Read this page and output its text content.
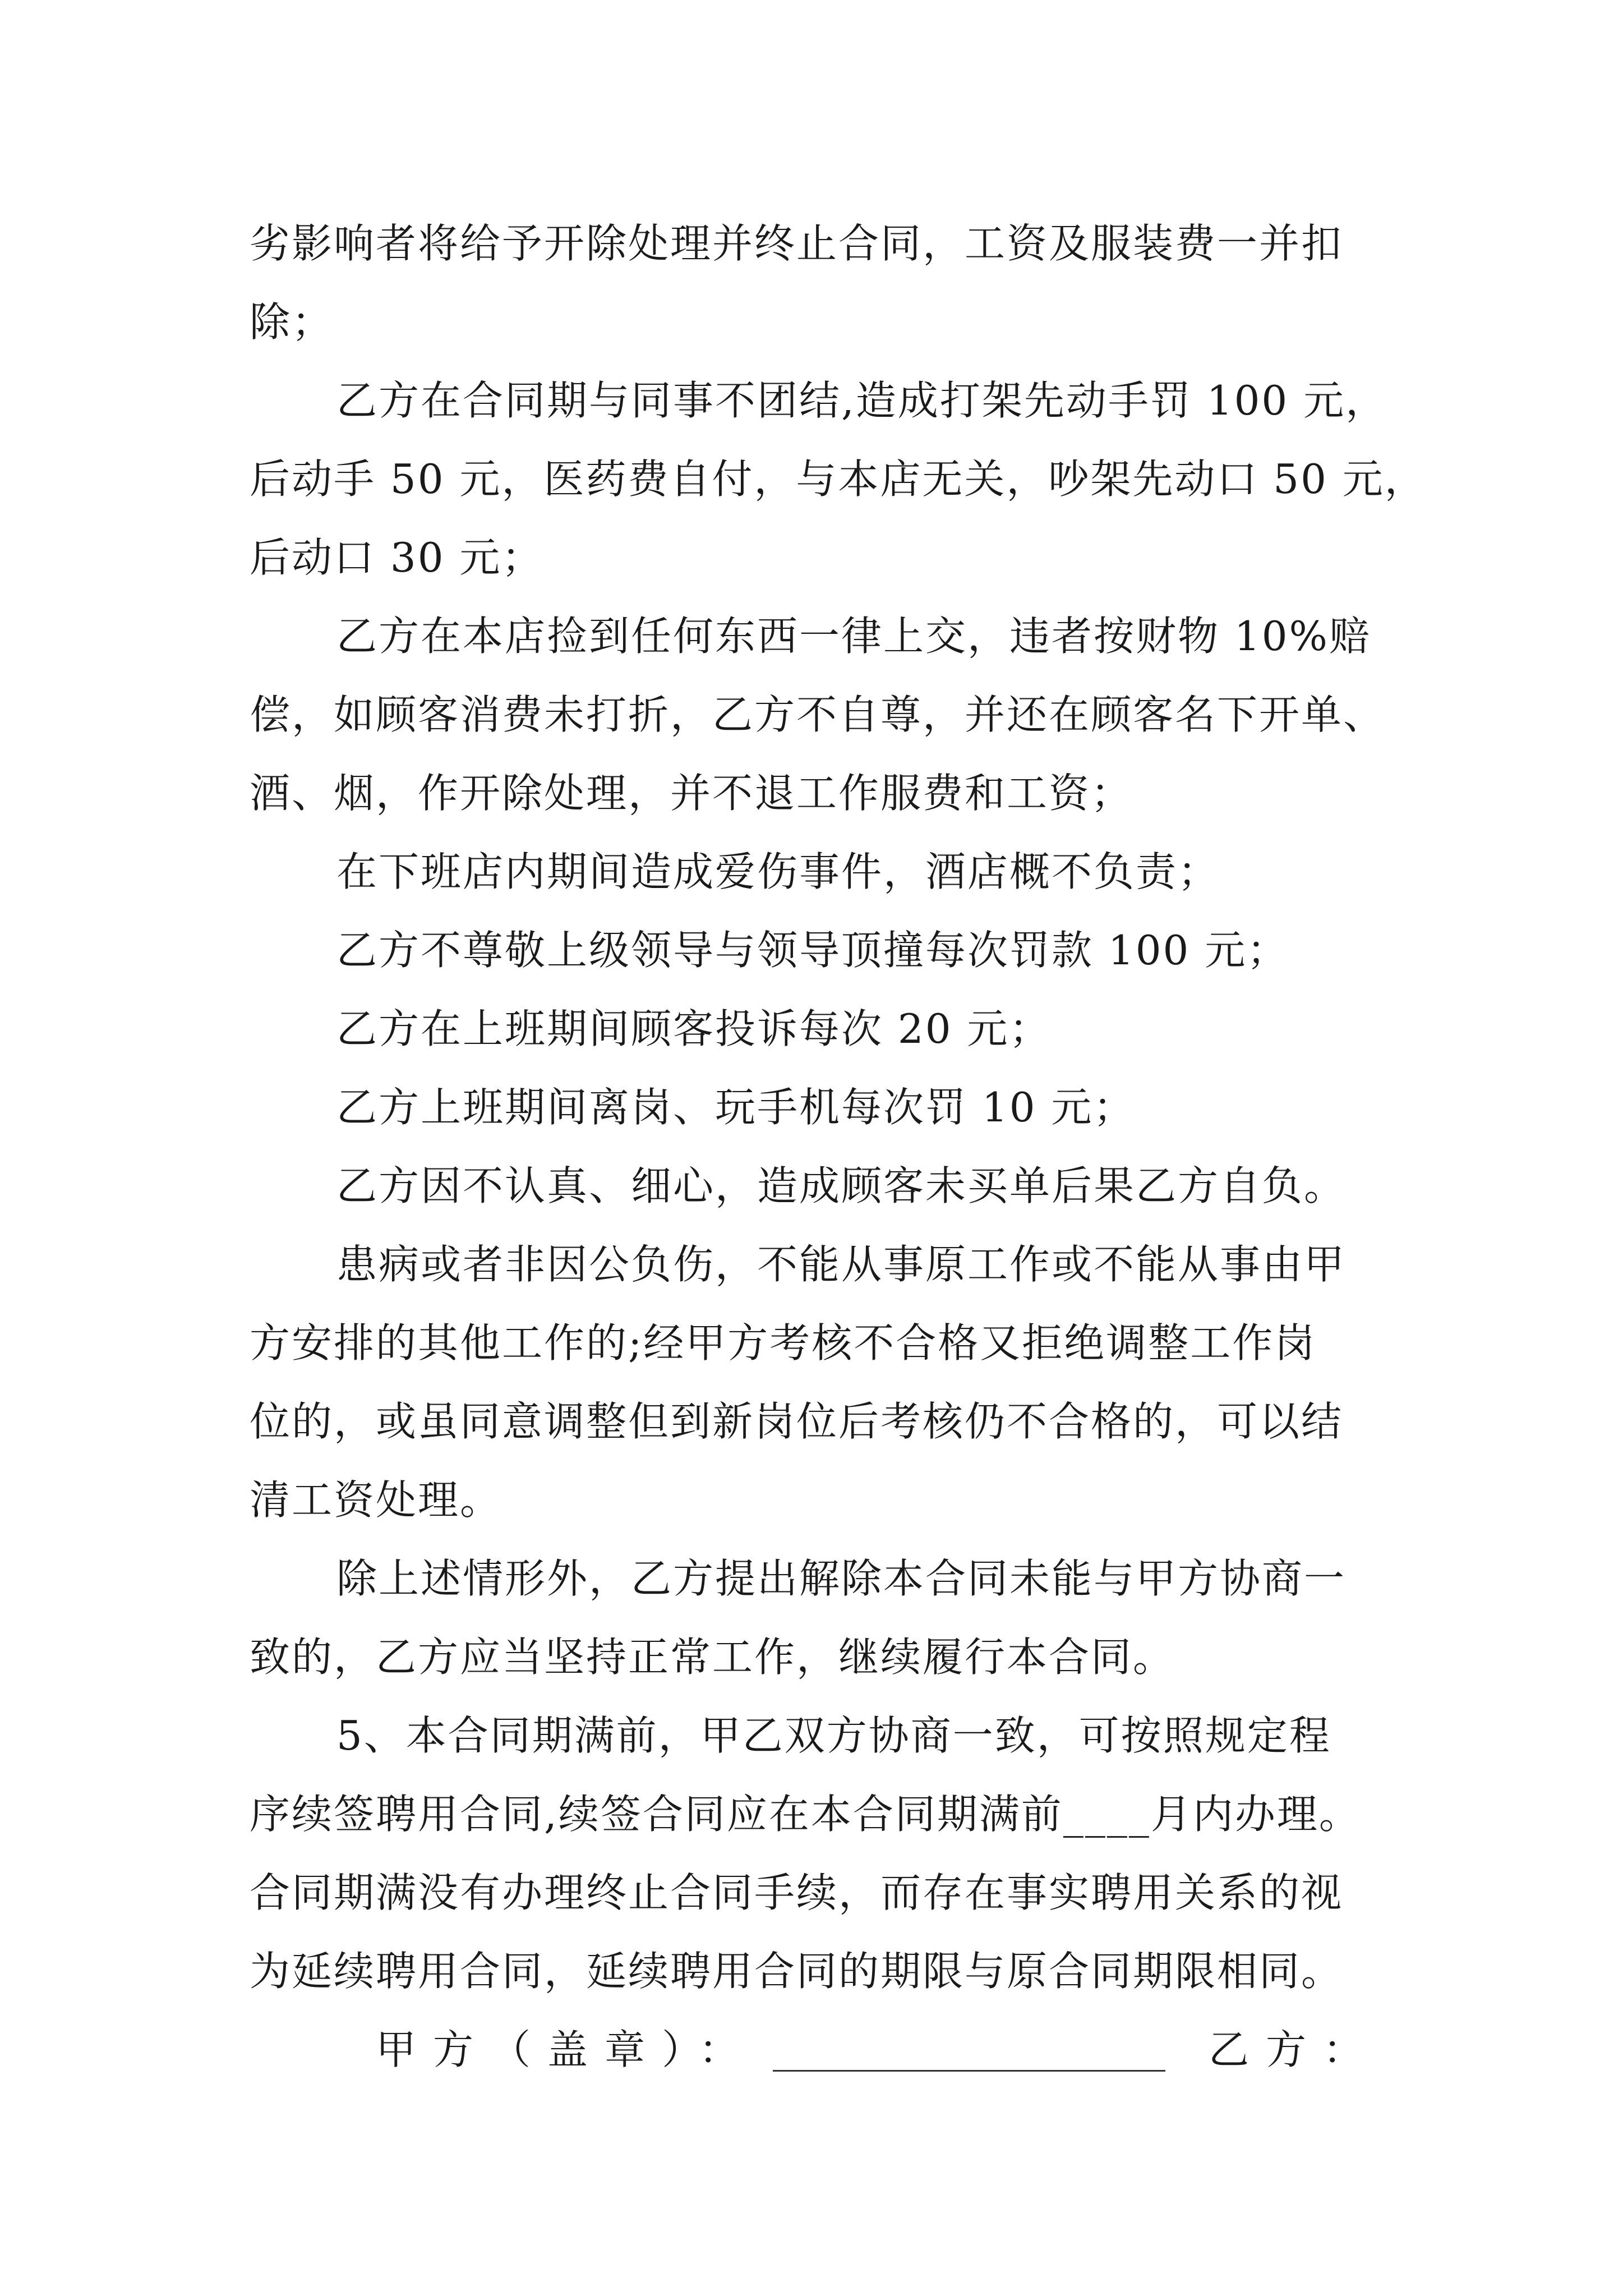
劣影响者将给予开除处理并终止合同，工资及服装费一并扣
除；
乙方在合同期与同事不团结,造成打架先动手罚 100 元，
后动手 50 元，医药费自付，与本店无关，吵架先动口 50 元，
后动口 30 元；
乙方在本店捡到任何东西一律上交，违者按财物 10%赔
偿，如顾客消费未打折，乙方不自尊，并还在顾客名下开单、
酒、烟，作开除处理，并不退工作服费和工资；
在下班店内期间造成爱伤事件，酒店概不负责；
乙方不尊敬上级领导与领导顶撞每次罚款 100 元；
乙方在上班期间顾客投诉每次 20 元；
乙方上班期间离岗、玩手机每次罚 10 元；
乙方因不认真、细心，造成顾客未买单后果乙方自负。
患病或者非因公负伤，不能从事原工作或不能从事由甲
方安排的其他工作的;经甲方考核不合格又拒绝调整工作岗
位的，或虽同意调整但到新岗位后考核仍不合格的，可以结
清工资处理。
除上述情形外，乙方提出解除本合同未能与甲方协商一
致的，乙方应当坚持正常工作，继续履行本合同。
5、本合同期满前，甲乙双方协商一致，可按照规定程
序续签聘用合同,续签合同应在本合同期满前____月内办理。
合同期满没有办理终止合同手续，而存在事实聘用关系的视
为延续聘用合同，延续聘用合同的期限与原合同期限相同。
甲方（盖章）：	乙方：
